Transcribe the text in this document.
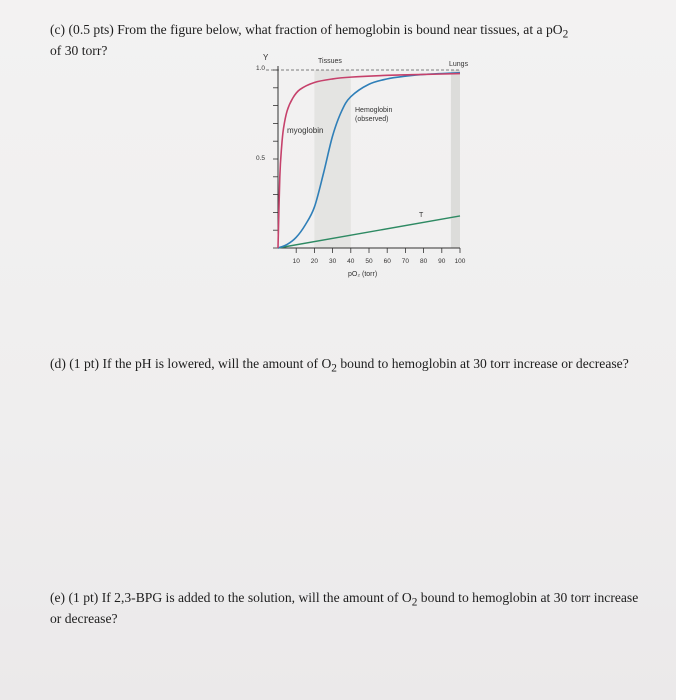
(c) (0.5 pts) From the figure below, what fraction of hemoglobin is bound near tissues, at a $pO_2$

of 30 torr?

10 20 30 40 50 60 70 80 90 100
Y
1.0
0.5
Tissues	Lungs
myoglobin
Hemoglobin
(observed)
T
pO₂ (torr)

(d) (1 pt) If the pH is lowered, will the amount of $O_2$ bound to hemoglobin at 30 torr increase or decrease?

(e) (1 pt) If 2,3-BPG is added to the solution, will the amount of $O_2$ bound to hemoglobin at 30 torr increase or decrease?
